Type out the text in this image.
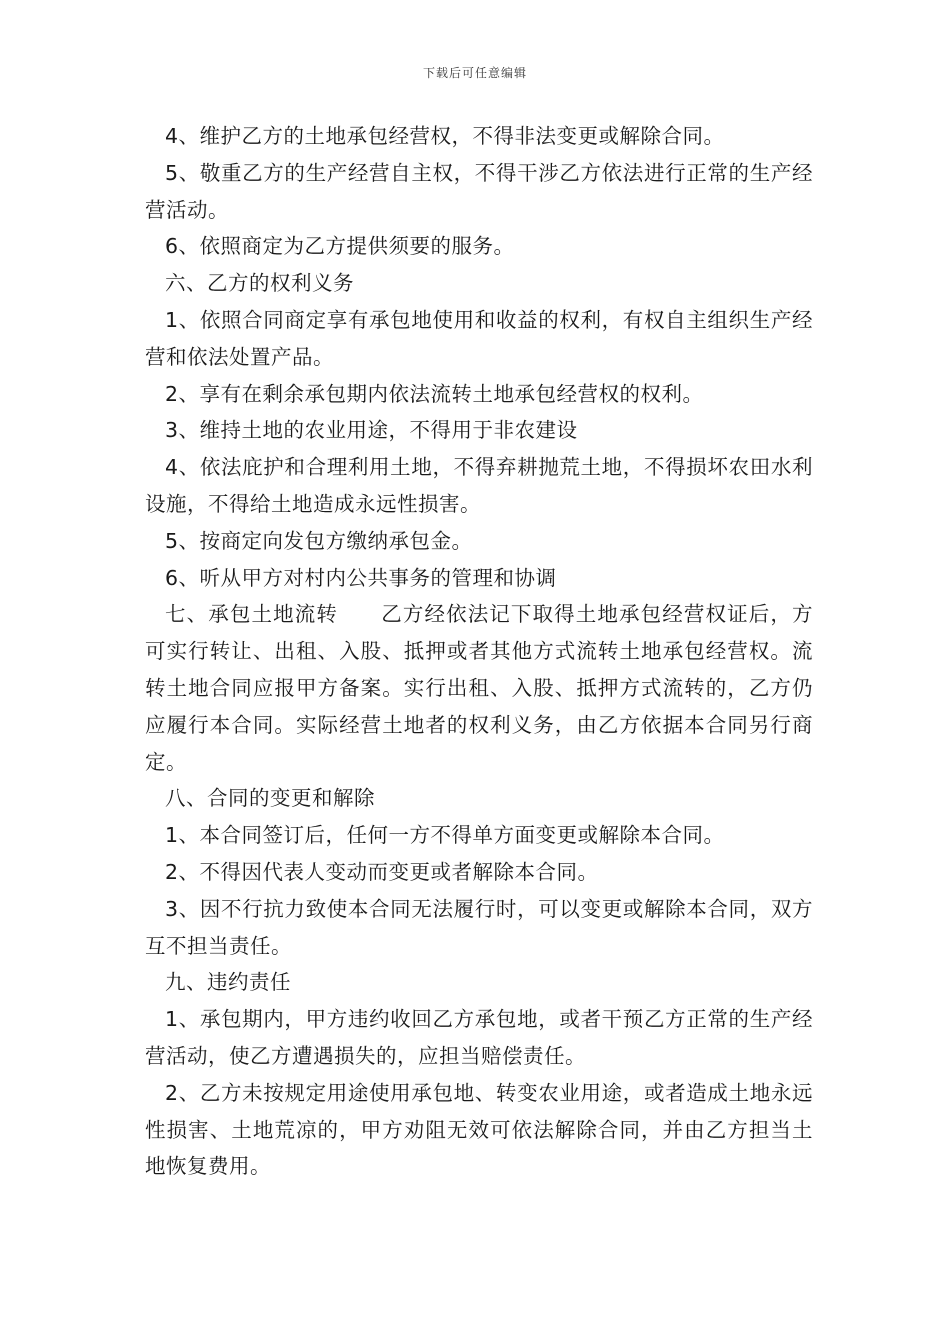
下载后可任意编辑

4、维护乙方的土地承包经营权，不得非法变更或解除合同。

5、敬重乙方的生产经营自主权，不得干涉乙方依法进行正常的生产经营活动。

6、依照商定为乙方提供须要的服务。

六、乙方的权利义务

1、依照合同商定享有承包地使用和收益的权利，有权自主组织生产经营和依法处置产品。

2、享有在剩余承包期内依法流转土地承包经营权的权利。

3、维持土地的农业用途，不得用于非农建设

4、依法庇护和合理利用土地，不得弃耕抛荒土地，不得损坏农田水利设施，不得给土地造成永远性损害。

5、按商定向发包方缴纳承包金。

6、听从甲方对村内公共事务的管理和协调

七、承包土地流转　　乙方经依法记下取得土地承包经营权证后，方可实行转让、出租、入股、抵押或者其他方式流转土地承包经营权。流转土地合同应报甲方备案。实行出租、入股、抵押方式流转的，乙方仍应履行本合同。实际经营土地者的权利义务，由乙方依据本合同另行商定。

八、合同的变更和解除

1、本合同签订后，任何一方不得单方面变更或解除本合同。

2、不得因代表人变动而变更或者解除本合同。

3、因不行抗力致使本合同无法履行时，可以变更或解除本合同，双方互不担当责任。

九、违约责任

1、承包期内，甲方违约收回乙方承包地，或者干预乙方正常的生产经营活动，使乙方遭遇损失的，应担当赔偿责任。

2、乙方未按规定用途使用承包地、转变农业用途，或者造成土地永远性损害、土地荒凉的，甲方劝阻无效可依法解除合同，并由乙方担当土地恢复费用。
